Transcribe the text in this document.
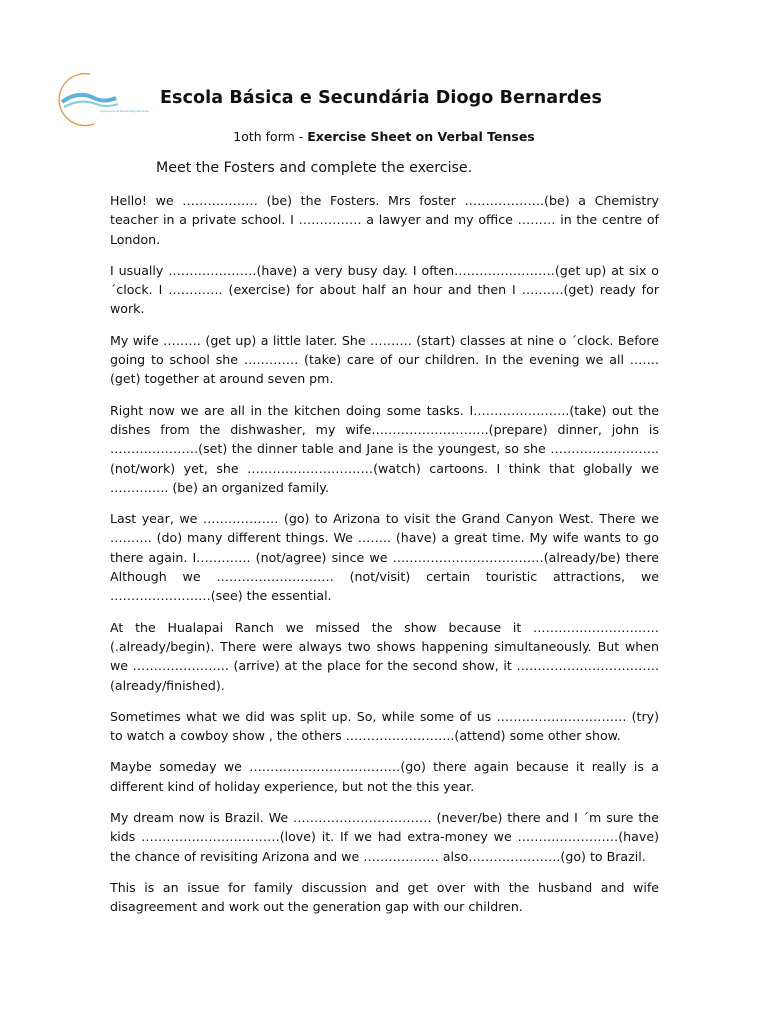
Agrupamento de Escolas Diogo Bernardes
Escola Básica e Secundária Diogo Bernardes

1oth form - Exercise Sheet on Verbal Tenses

Meet the Fosters and complete the exercise.

Hello! we ……………… (be) the Fosters. Mrs foster ……………….(be) a Chemistry teacher in a private school. I …………… a lawyer and my office ……… in the centre of London.

I usually …………………(have) a very busy day. I often……………………(get up) at six o´clock. I …………. (exercise) for about half an hour and then I ……….(get) ready for work.

My wife ……… (get up) a little later. She ………. (start) classes at nine o ´clock. Before going to school she …………. (take) care of our children. In the evening we all ……. (get) together at around seven pm.

Right now we are all in the kitchen doing some tasks. I…………………..(take) out the dishes from the dishwasher, my wife……………………….(prepare) dinner, john is …………………(set) the dinner table and Jane is the youngest, so she ……………………..(not/work) yet, she …………………………(watch) cartoons. I think that globally we ………….. (be) an organized family.

Last year, we ……………… (go) to Arizona to visit the Grand Canyon West. There we ………. (do) many different things. We …….. (have) a great time. My wife wants to go there again. I…………. (not/agree) since we ………………………………(already/be) there Although we ………………………. (not/visit) certain touristic attractions, we ……………………(see) the essential.

At the Hualapai Ranch we missed the show because it ………………………… (.already/begin). There were always two shows happening simultaneously. But when we ………………….. (arrive) at the place for the second show, it …………………………….(already/finished).

Sometimes what we did was split up. So, while some of us …………………………. (try) to watch a cowboy show , the others ……………………..(attend) some other show.

Maybe someday we ………………………………(go) there again because it really is a different kind of holiday experience, but not the this year.

My dream now is Brazil. We …………………………… (never/be) there and I ´m sure the kids ……………………………(love) it. If we had extra-money we ……………………(have) the chance of revisiting Arizona and we ……………… also………………….(go) to Brazil.

This is an issue for family discussion and get over with the husband and wife disagreement and work out the generation gap with our children.
